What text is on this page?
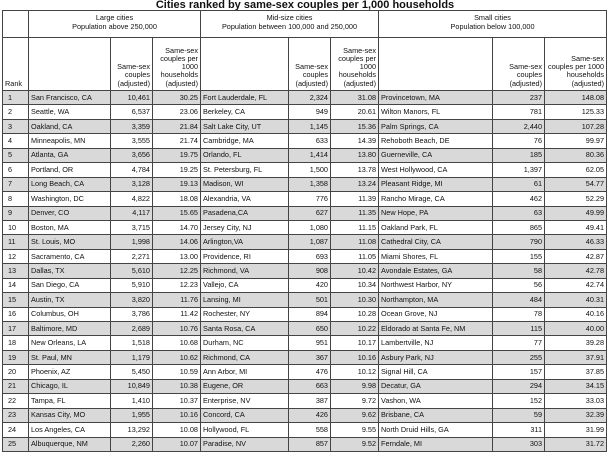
Cities ranked by same-sex couples per 1,000 households
	Large cities
Population above 250,000			Mid-size cities
Population between 100,000 and 250,000			Small cities
Population below 100,000		
Rank		Same-sex couples (adjusted)	Same-sex couples per 1000 households (adjusted)		Same-sex couples (adjusted)	Same-sex couples per 1000 households (adjusted)		Same-sex couples (adjusted)	Same-sex couples per 1000 households (adjusted)
1	San Francisco, CA	10,461	30.25	Fort Lauderdale, FL	2,324	31.08	Provincetown, MA	237	148.08
2	Seattle, WA	6,537	23.06	Berkeley, CA	949	20.61	Wilton Manors, FL	781	125.33
3	Oakland, CA	3,359	21.84	Salt Lake City, UT	1,145	15.36	Palm Springs, CA	2,440	107.28
4	Minneapolis, MN	3,555	21.74	Cambridge, MA	633	14.39	Rehoboth Beach, DE	76	99.97
5	Atlanta, GA	3,656	19.75	Orlando, FL	1,414	13.80	Guerneville, CA	185	80.36
6	Portland, OR	4,784	19.25	St. Petersburg, FL	1,500	13.78	West Hollywood, CA	1,397	62.05
7	Long Beach, CA	3,128	19.13	Madison, WI	1,358	13.24	Pleasant Ridge, MI	61	54.77
8	Washington, DC	4,822	18.08	Alexandria, VA	776	11.39	Rancho Mirage, CA	462	52.29
9	Denver, CO	4,117	15.65	Pasadena,CA	627	11.35	New Hope, PA	63	49.99
10	Boston, MA	3,715	14.70	Jersey City, NJ	1,080	11.15	Oakland Park, FL	865	49.41
11	St. Louis, MO	1,998	14.06	Arlington,VA	1,087	11.08	Cathedral City, CA	790	46.33
12	Sacramento, CA	2,271	13.00	Providence, RI	693	11.05	Miami Shores, FL	155	42.87
13	Dallas, TX	5,610	12.25	Richmond, VA	908	10.42	Avondale Estates, GA	58	42.78
14	San Diego, CA	5,910	12.23	Vallejo, CA	420	10.34	Northwest Harbor, NY	56	42.74
15	Austin, TX	3,820	11.76	Lansing, MI	501	10.30	Northampton, MA	484	40.31
16	Columbus, OH	3,786	11.42	Rochester, NY	894	10.28	Ocean Grove, NJ	78	40.16
17	Baltimore, MD	2,689	10.76	Santa Rosa, CA	650	10.22	Eldorado at Santa Fe, NM	115	40.00
18	New Orleans, LA	1,518	10.68	Durham, NC	951	10.17	Lambertville, NJ	77	39.28
19	St. Paul, MN	1,179	10.62	Richmond, CA	367	10.16	Asbury Park, NJ	255	37.91
20	Phoenix, AZ	5,450	10.59	Ann Arbor, MI	476	10.12	Signal Hill, CA	157	37.85
21	Chicago, IL	10,849	10.38	Eugene, OR	663	9.98	Decatur, GA	294	34.15
22	Tampa, FL	1,410	10.37	Enterprise, NV	387	9.72	Vashon, WA	152	33.03
23	Kansas City, MO	1,955	10.16	Concord, CA	426	9.62	Brisbane, CA	59	32.39
24	Los Angeles, CA	13,292	10.08	Hollywood, FL	558	9.55	North Druid Hills, GA	311	31.99
25	Albuquerque, NM	2,260	10.07	Paradise, NV	857	9.52	Ferndale, MI	303	31.72
